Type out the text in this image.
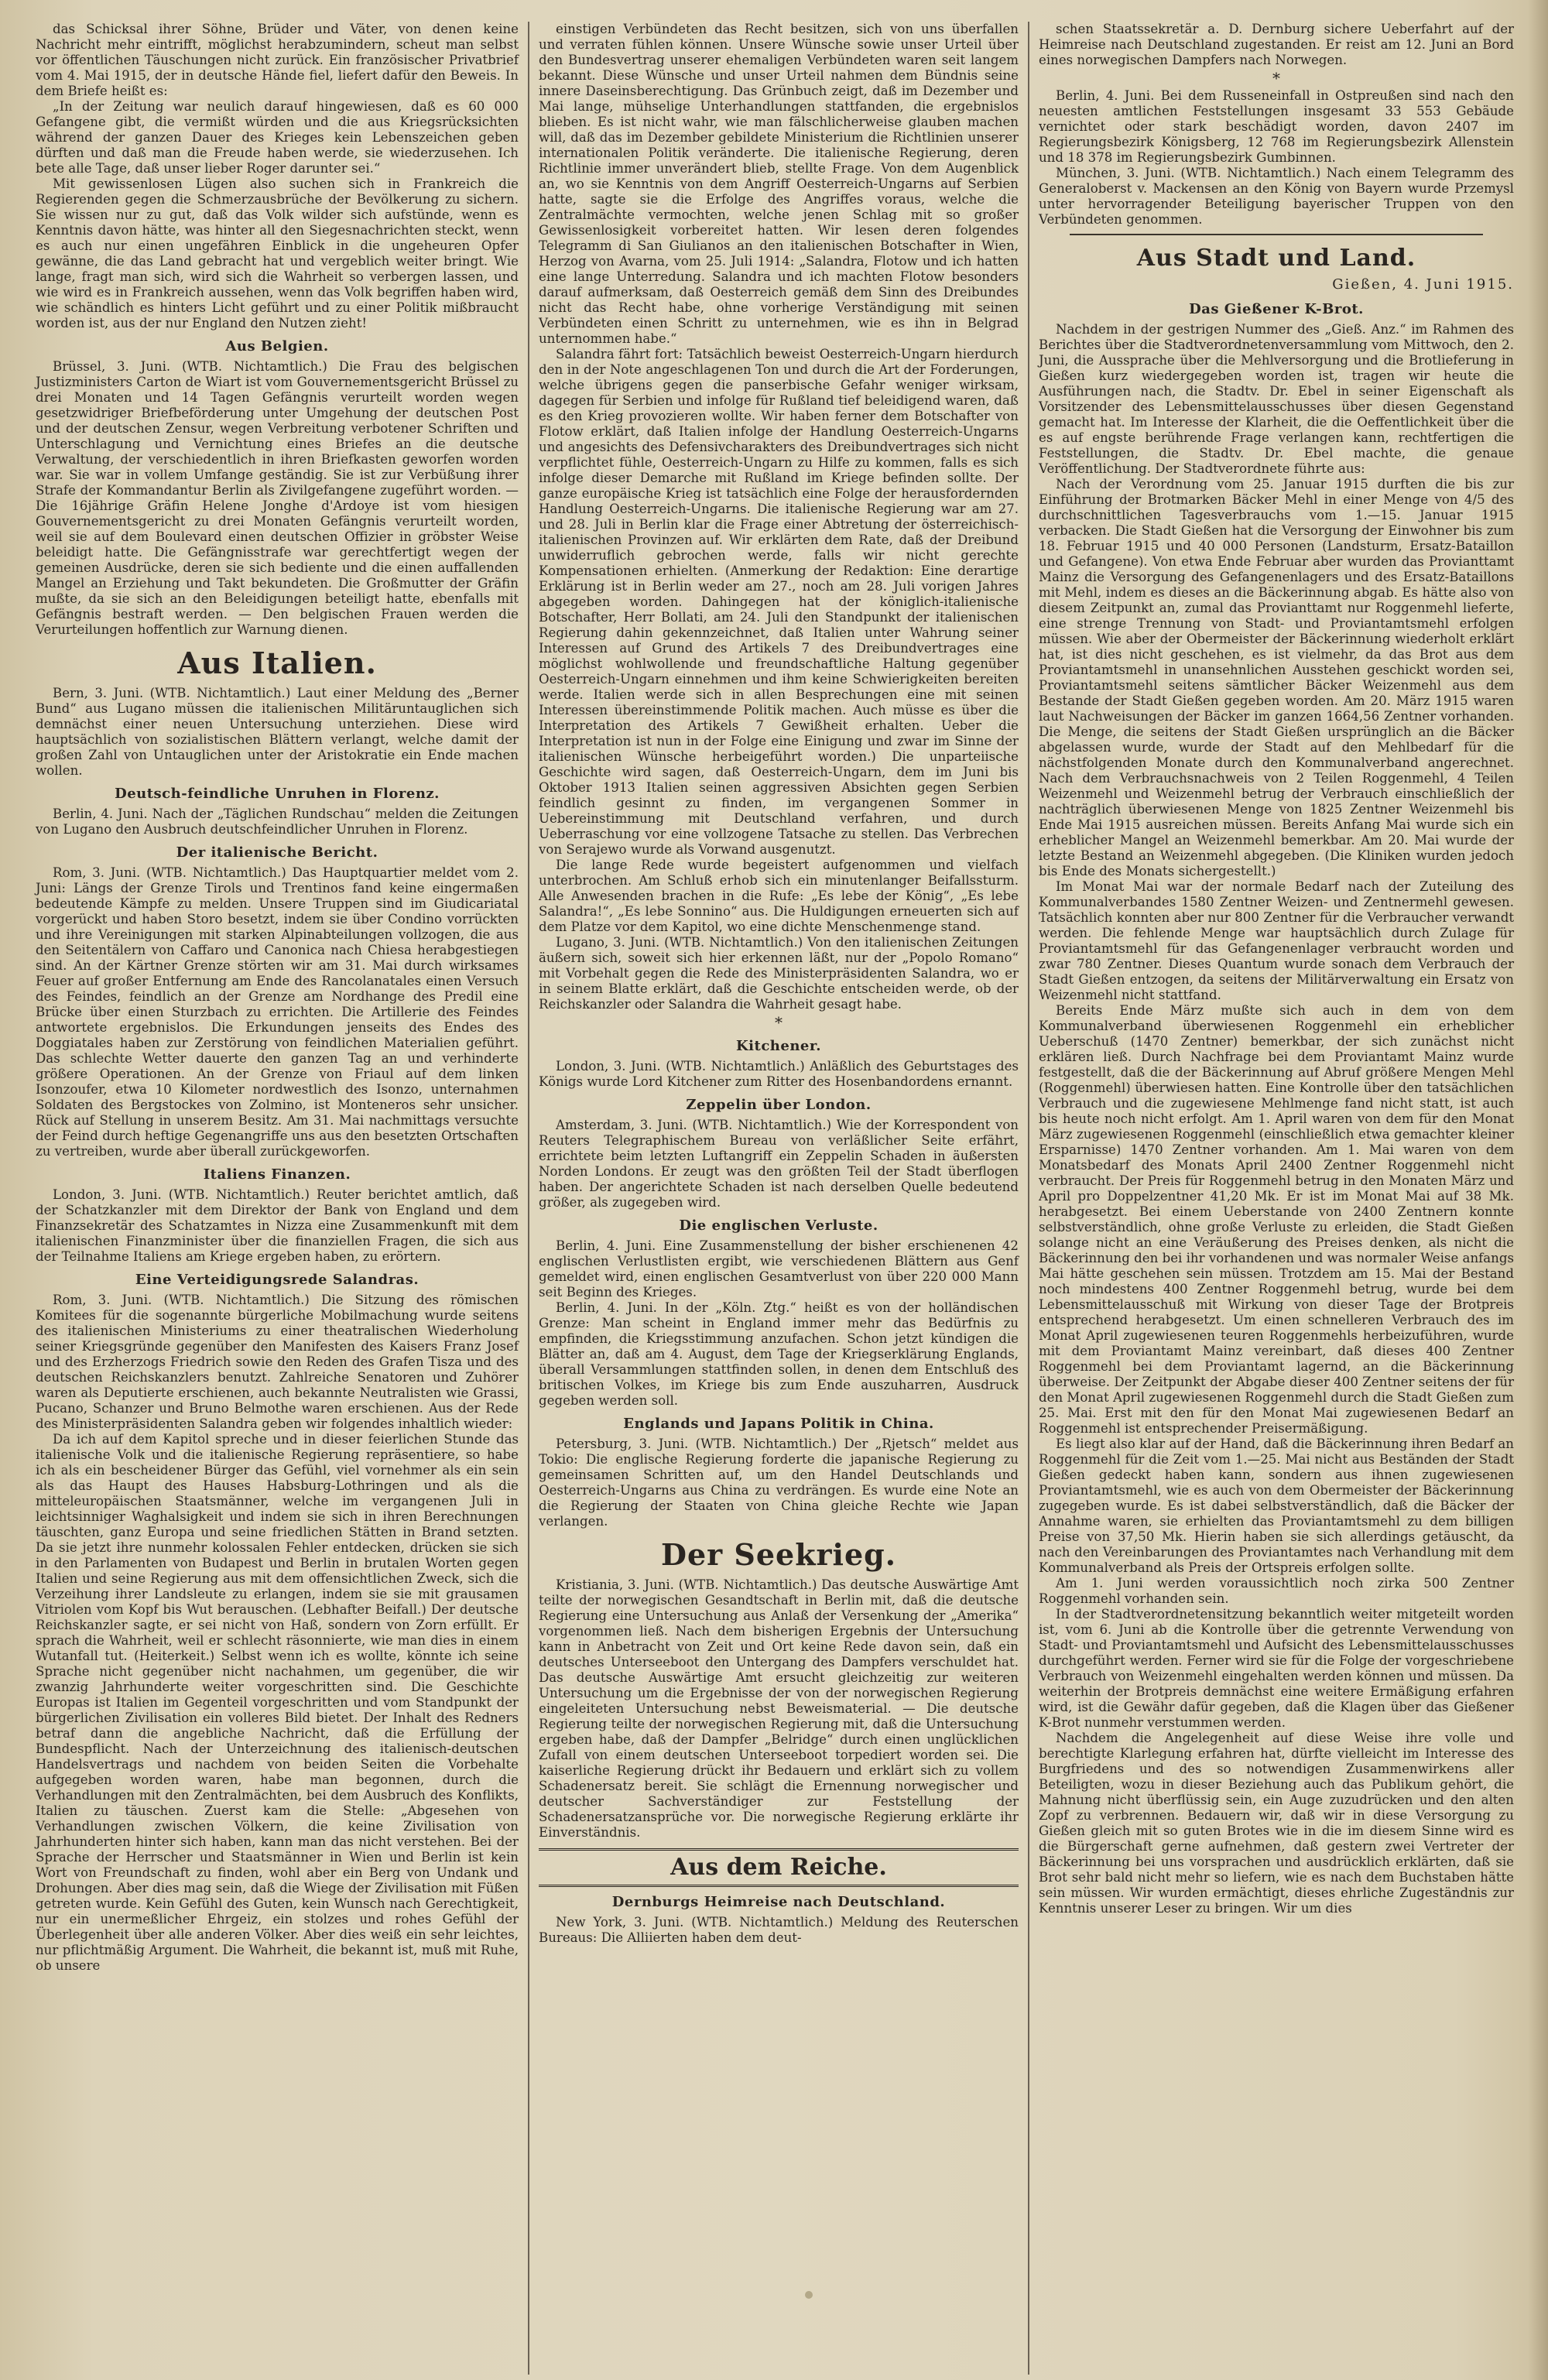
das Schicksal ihrer Söhne, Brüder und Väter, von denen keine Nachricht mehr eintrifft, möglichst herabzumindern, scheut man selbst vor öffentlichen Täuschungen nicht zurück. Ein französischer Privatbrief vom 4. Mai 1915, der in deutsche Hände fiel, liefert dafür den Beweis. In dem Briefe heißt es:

„In der Zeitung war neulich darauf hingewiesen, daß es 60 000 Gefangene gibt, die vermißt würden und die aus Kriegsrücksichten während der ganzen Dauer des Krieges kein Lebenszeichen geben dürften und daß man die Freude haben werde, sie wiederzusehen. Ich bete alle Tage, daß unser lieber Roger darunter sei.“

Mit gewissenlosen Lügen also suchen sich in Frankreich die Regierenden gegen die Schmerzausbrüche der Bevölkerung zu sichern. Sie wissen nur zu gut, daß das Volk wilder sich aufstünde, wenn es Kenntnis davon hätte, was hinter all den Siegesnachrichten steckt, wenn es auch nur einen ungefähren Einblick in die ungeheuren Opfer gewänne, die das Land gebracht hat und vergeblich weiter bringt. Wie lange, fragt man sich, wird sich die Wahrheit so verbergen lassen, und wie wird es in Frankreich aussehen, wenn das Volk begriffen haben wird, wie schändlich es hinters Licht geführt und zu einer Politik mißbraucht worden ist, aus der nur England den Nutzen zieht!

Aus Belgien.

Brüssel, 3. Juni. (WTB. Nichtamtlich.) Die Frau des belgischen Justizministers Carton de Wiart ist vom Gouvernementsgericht Brüssel zu drei Monaten und 14 Tagen Gefängnis verurteilt worden wegen gesetzwidriger Briefbeförderung unter Umgehung der deutschen Post und der deutschen Zensur, wegen Verbreitung verbotener Schriften und Unterschlagung und Vernichtung eines Briefes an die deutsche Verwaltung, der verschiedentlich in ihren Briefkasten geworfen worden war. Sie war in vollem Umfange geständig. Sie ist zur Verbüßung ihrer Strafe der Kommandantur Berlin als Zivilgefangene zugeführt worden. — Die 16jährige Gräfin Helene Jonghe d'Ardoye ist vom hiesigen Gouvernementsgericht zu drei Monaten Gefängnis verurteilt worden, weil sie auf dem Boulevard einen deutschen Offizier in gröbster Weise beleidigt hatte. Die Gefängnisstrafe war gerechtfertigt wegen der gemeinen Ausdrücke, deren sie sich bediente und die einen auffallenden Mangel an Erziehung und Takt bekundeten. Die Großmutter der Gräfin mußte, da sie sich an den Beleidigungen beteiligt hatte, ebenfalls mit Gefängnis bestraft werden. — Den belgischen Frauen werden die Verurteilungen hoffentlich zur Warnung dienen.

Aus Italien.

Bern, 3. Juni. (WTB. Nichtamtlich.) Laut einer Meldung des „Berner Bund“ aus Lugano müssen die italienischen Militäruntauglichen sich demnächst einer neuen Untersuchung unterziehen. Diese wird hauptsächlich von sozialistischen Blättern verlangt, welche damit der großen Zahl von Untauglichen unter der Aristokratie ein Ende machen wollen.

Deutsch-feindliche Unruhen in Florenz.

Berlin, 4. Juni. Nach der „Täglichen Rundschau“ melden die Zeitungen von Lugano den Ausbruch deutschfeindlicher Unruhen in Florenz.

Der italienische Bericht.

Rom, 3. Juni. (WTB. Nichtamtlich.) Das Hauptquartier meldet vom 2. Juni: Längs der Grenze Tirols und Trentinos fand keine eingermaßen bedeutende Kämpfe zu melden. Unsere Truppen sind im Giudicariatal vorgerückt und haben Storo besetzt, indem sie über Condino vorrückten und ihre Vereinigungen mit starken Alpinabteilungen vollzogen, die aus den Seitentälern von Caffaro und Canonica nach Chiesa herabgestiegen sind. An der Kärtner Grenze störten wir am 31. Mai durch wirksames Feuer auf großer Entfernung am Ende des Rancolanatales einen Versuch des Feindes, feindlich an der Grenze am Nordhange des Predil eine Brücke über einen Sturzbach zu errichten. Die Artillerie des Feindes antwortete ergebnislos. Die Erkundungen jenseits des Endes des Doggiatales haben zur Zerstörung von feindlichen Materialien geführt. Das schlechte Wetter dauerte den ganzen Tag an und verhinderte größere Operationen. An der Grenze von Friaul auf dem linken Isonzoufer, etwa 10 Kilometer nordwestlich des Isonzo, unternahmen Soldaten des Bergstockes von Zolmino, ist Monteneros sehr unsicher. Rück auf Stellung in unserem Besitz. Am 31. Mai nachmittags versuchte der Feind durch heftige Gegenangriffe uns aus den besetzten Ortschaften zu vertreiben, wurde aber überall zurückgeworfen.

Italiens Finanzen.

London, 3. Juni. (WTB. Nichtamtlich.) Reuter berichtet amtlich, daß der Schatzkanzler mit dem Direktor der Bank von England und dem Finanzsekretär des Schatzamtes in Nizza eine Zusammenkunft mit dem italienischen Finanzminister über die finanziellen Fragen, die sich aus der Teilnahme Italiens am Kriege ergeben haben, zu erörtern.

Eine Verteidigungsrede Salandras.

Rom, 3. Juni. (WTB. Nichtamtlich.) Die Sitzung des römischen Komitees für die sogenannte bürgerliche Mobilmachung wurde seitens des italienischen Ministeriums zu einer theatralischen Wiederholung seiner Kriegsgründe gegenüber den Manifesten des Kaisers Franz Josef und des Erzherzogs Friedrich sowie den Reden des Grafen Tisza und des deutschen Reichskanzlers benutzt. Zahlreiche Senatoren und Zuhörer waren als Deputierte erschienen, auch bekannte Neutralisten wie Grassi, Pucano, Schanzer und Bruno Belmothe waren erschienen. Aus der Rede des Ministerpräsidenten Salandra geben wir folgendes inhaltlich wieder:

Da ich auf dem Kapitol spreche und in dieser feierlichen Stunde das italienische Volk und die italienische Regierung repräsentiere, so habe ich als ein bescheidener Bürger das Gefühl, viel vornehmer als ein sein als das Haupt des Hauses Habsburg-Lothringen und als die mitteleuropäischen Staatsmänner, welche im vergangenen Juli in leichtsinniger Waghalsigkeit und indem sie sich in ihren Berechnungen täuschten, ganz Europa und seine friedlichen Stätten in Brand setzten. Da sie jetzt ihre nunmehr kolossalen Fehler entdecken, drücken sie sich in den Parlamenten von Budapest und Berlin in brutalen Worten gegen Italien und seine Regierung aus mit dem offensichtlichen Zweck, sich die Verzeihung ihrer Landsleute zu erlangen, indem sie sie mit grausamen Vitriolen vom Kopf bis Wut berauschen. (Lebhafter Beifall.) Der deutsche Reichskanzler sagte, er sei nicht von Haß, sondern von Zorn erfüllt. Er sprach die Wahrheit, weil er schlecht räsonnierte, wie man dies in einem Wutanfall tut. (Heiterkeit.) Selbst wenn ich es wollte, könnte ich seine Sprache nicht gegenüber nicht nachahmen, um gegenüber, die wir zwanzig Jahrhunderte weiter vorgeschritten sind. Die Geschichte Europas ist Italien im Gegenteil vorgeschritten und vom Standpunkt der bürgerlichen Zivilisation ein volleres Bild bietet. Der Inhalt des Redners betraf dann die angebliche Nachricht, daß die Erfüllung der Bundespflicht. Nach der Unterzeichnung des italienisch-deutschen Handelsvertrags und nachdem von beiden Seiten die Vorbehalte aufgegeben worden waren, habe man begonnen, durch die Verhandlungen mit den Zentralmächten, bei dem Ausbruch des Konflikts, Italien zu täuschen. Zuerst kam die Stelle: „Abgesehen von Verhandlungen zwischen Völkern, die keine Zivilisation von Jahrhunderten hinter sich haben, kann man das nicht verstehen. Bei der Sprache der Herrscher und Staatsmänner in Wien und Berlin ist kein Wort von Freundschaft zu finden, wohl aber ein Berg von Undank und Drohungen. Aber dies mag sein, daß die Wiege der Zivilisation mit Füßen getreten wurde. Kein Gefühl des Guten, kein Wunsch nach Gerechtigkeit, nur ein unermeßlicher Ehrgeiz, ein stolzes und rohes Gefühl der Überlegenheit über alle anderen Völker. Aber dies weiß ein sehr leichtes, nur pflichtmäßig Argument. Die Wahrheit, die bekannt ist, muß mit Ruhe, ob unsere

einstigen Verbündeten das Recht besitzen, sich von uns überfallen und verraten fühlen können. Unsere Wünsche sowie unser Urteil über den Bundesvertrag unserer ehemaligen Verbündeten waren seit langem bekannt. Diese Wünsche und unser Urteil nahmen dem Bündnis seine innere Daseinsberechtigung. Das Grünbuch zeigt, daß im Dezember und Mai lange, mühselige Unterhandlungen stattfanden, die ergebnislos blieben. Es ist nicht wahr, wie man fälschlicherweise glauben machen will, daß das im Dezember gebildete Ministerium die Richtlinien unserer internationalen Politik veränderte. Die italienische Regierung, deren Richtlinie immer unverändert blieb, stellte Frage. Von dem Augenblick an, wo sie Kenntnis von dem Angriff Oesterreich-Ungarns auf Serbien hatte, sagte sie die Erfolge des Angriffes voraus, welche die Zentralmächte vermochten, welche jenen Schlag mit so großer Gewissenlosigkeit vorbereitet hatten. Wir lesen deren folgendes Telegramm di San Giulianos an den italienischen Botschafter in Wien, Herzog von Avarna, vom 25. Juli 1914: „Salandra, Flotow und ich hatten eine lange Unterredung. Salandra und ich machten Flotow besonders darauf aufmerksam, daß Oesterreich gemäß dem Sinn des Dreibundes nicht das Recht habe, ohne vorherige Verständigung mit seinen Verbündeten einen Schritt zu unternehmen, wie es ihn in Belgrad unternommen habe.“

Salandra fährt fort: Tatsächlich beweist Oesterreich-Ungarn hierdurch den in der Note angeschlagenen Ton und durch die Art der Forderungen, welche übrigens gegen die panserbische Gefahr weniger wirksam, dagegen für Serbien und infolge für Rußland tief beleidigend waren, daß es den Krieg provozieren wollte. Wir haben ferner dem Botschafter von Flotow erklärt, daß Italien infolge der Handlung Oesterreich-Ungarns und angesichts des Defensivcharakters des Dreibundvertrages sich nicht verpflichtet fühle, Oesterreich-Ungarn zu Hilfe zu kommen, falls es sich infolge dieser Demarche mit Rußland im Kriege befinden sollte. Der ganze europäische Krieg ist tatsächlich eine Folge der herausfordernden Handlung Oesterreich-Ungarns. Die italienische Regierung war am 27. und 28. Juli in Berlin klar die Frage einer Abtretung der österreichisch-italienischen Provinzen auf. Wir erklärten dem Rate, daß der Dreibund unwiderruflich gebrochen werde, falls wir nicht gerechte Kompensationen erhielten. (Anmerkung der Redaktion: Eine derartige Erklärung ist in Berlin weder am 27., noch am 28. Juli vorigen Jahres abgegeben worden. Dahingegen hat der königlich-italienische Botschafter, Herr Bollati, am 24. Juli den Standpunkt der italienischen Regierung dahin gekennzeichnet, daß Italien unter Wahrung seiner Interessen auf Grund des Artikels 7 des Dreibundvertrages eine möglichst wohlwollende und freundschaftliche Haltung gegenüber Oesterreich-Ungarn einnehmen und ihm keine Schwierigkeiten bereiten werde. Italien werde sich in allen Besprechungen eine mit seinen Interessen übereinstimmende Politik machen. Auch müsse es über die Interpretation des Artikels 7 Gewißheit erhalten. Ueber die Interpretation ist nun in der Folge eine Einigung und zwar im Sinne der italienischen Wünsche herbeigeführt worden.) Die unparteiische Geschichte wird sagen, daß Oesterreich-Ungarn, dem im Juni bis Oktober 1913 Italien seinen aggressiven Absichten gegen Serbien feindlich gesinnt zu finden, im vergangenen Sommer in Uebereinstimmung mit Deutschland verfahren, und durch Ueberraschung vor eine vollzogene Tatsache zu stellen. Das Verbrechen von Serajewo wurde als Vorwand ausgenutzt.

Die lange Rede wurde begeistert aufgenommen und vielfach unterbrochen. Am Schluß erhob sich ein minutenlanger Beifallssturm. Alle Anwesenden brachen in die Rufe: „Es lebe der König“, „Es lebe Salandra!“, „Es lebe Sonnino“ aus. Die Huldigungen erneuerten sich auf dem Platze vor dem Kapitol, wo eine dichte Menschenmenge stand.

Lugano, 3. Juni. (WTB. Nichtamtlich.) Von den italienischen Zeitungen äußern sich, soweit sich hier erkennen läßt, nur der „Popolo Romano“ mit Vorbehalt gegen die Rede des Ministerpräsidenten Salandra, wo er in seinem Blatte erklärt, daß die Geschichte entscheiden werde, ob der Reichskanzler oder Salandra die Wahrheit gesagt habe.

*
Kitchener.

London, 3. Juni. (WTB. Nichtamtlich.) Anläßlich des Geburtstages des Königs wurde Lord Kitchener zum Ritter des Hosenbandordens ernannt.

Zeppelin über London.

Amsterdam, 3. Juni. (WTB. Nichtamtlich.) Wie der Korrespondent von Reuters Telegraphischem Bureau von verläßlicher Seite erfährt, errichtete beim letzten Luftangriff ein Zeppelin Schaden in äußersten Norden Londons. Er zeugt was den größten Teil der Stadt überflogen haben. Der angerichtete Schaden ist nach derselben Quelle bedeutend größer, als zugegeben wird.

Die englischen Verluste.

Berlin, 4. Juni. Eine Zusammenstellung der bisher erschienenen 42 englischen Verlustlisten ergibt, wie verschiedenen Blättern aus Genf gemeldet wird, einen englischen Gesamtverlust von über 220 000 Mann seit Beginn des Krieges.

Berlin, 4. Juni. In der „Köln. Ztg.“ heißt es von der holländischen Grenze: Man scheint in England immer mehr das Bedürfnis zu empfinden, die Kriegsstimmung anzufachen. Schon jetzt kündigen die Blätter an, daß am 4. August, dem Tage der Kriegserklärung Englands, überall Versammlungen stattfinden sollen, in denen dem Entschluß des britischen Volkes, im Kriege bis zum Ende auszuharren, Ausdruck gegeben werden soll.

Englands und Japans Politik in China.

Petersburg, 3. Juni. (WTB. Nichtamtlich.) Der „Rjetsch“ meldet aus Tokio: Die englische Regierung forderte die japanische Regierung zu gemeinsamen Schritten auf, um den Handel Deutschlands und Oesterreich-Ungarns aus China zu verdrängen. Es wurde eine Note an die Regierung der Staaten von China gleiche Rechte wie Japan verlangen.

Der Seekrieg.

Kristiania, 3. Juni. (WTB. Nichtamtlich.) Das deutsche Auswärtige Amt teilte der norwegischen Gesandtschaft in Berlin mit, daß die deutsche Regierung eine Untersuchung aus Anlaß der Versenkung der „Amerika“ vorgenommen ließ. Nach dem bisherigen Ergebnis der Untersuchung kann in Anbetracht von Zeit und Ort keine Rede davon sein, daß ein deutsches Unterseeboot den Untergang des Dampfers verschuldet hat. Das deutsche Auswärtige Amt ersucht gleichzeitig zur weiteren Untersuchung um die Ergebnisse der von der norwegischen Regierung eingeleiteten Untersuchung nebst Beweismaterial. — Die deutsche Regierung teilte der norwegischen Regierung mit, daß die Untersuchung ergeben habe, daß der Dampfer „Belridge“ durch einen unglücklichen Zufall von einem deutschen Unterseeboot torpediert worden sei. Die kaiserliche Regierung drückt ihr Bedauern und erklärt sich zu vollem Schadenersatz bereit. Sie schlägt die Ernennung norwegischer und deutscher Sachverständiger zur Feststellung der Schadenersatzansprüche vor. Die norwegische Regierung erklärte ihr Einverständnis.

Aus dem Reiche.
Dernburgs Heimreise nach Deutschland.

New York, 3. Juni. (WTB. Nichtamtlich.) Meldung des Reuterschen Bureaus: Die Alliierten haben dem deut-

schen Staatssekretär a. D. Dernburg sichere Ueberfahrt auf der Heimreise nach Deutschland zugestanden. Er reist am 12. Juni an Bord eines norwegischen Dampfers nach Norwegen.

*

Berlin, 4. Juni. Bei dem Russeneinfall in Ostpreußen sind nach den neuesten amtlichen Feststellungen insgesamt 33 553 Gebäude vernichtet oder stark beschädigt worden, davon 2407 im Regierungsbezirk Königsberg, 12 768 im Regierungsbezirk Allenstein und 18 378 im Regierungsbezirk Gumbinnen.

München, 3. Juni. (WTB. Nichtamtlich.) Nach einem Telegramm des Generaloberst v. Mackensen an den König von Bayern wurde Przemysl unter hervorragender Beteiligung bayerischer Truppen von den Verbündeten genommen.

Aus Stadt und Land.
Gießen, 4. Juni 1915.
Das Gießener K-Brot.

Nachdem in der gestrigen Nummer des „Gieß. Anz.“ im Rahmen des Berichtes über die Stadtverordnetenversammlung vom Mittwoch, den 2. Juni, die Aussprache über die Mehlversorgung und die Brotlieferung in Gießen kurz wiedergegeben worden ist, tragen wir heute die Ausführungen nach, die Stadtv. Dr. Ebel in seiner Eigenschaft als Vorsitzender des Lebensmittelausschusses über diesen Gegenstand gemacht hat. Im Interesse der Klarheit, die die Oeffentlichkeit über die es auf engste berührende Frage verlangen kann, rechtfertigen die Feststellungen, die Stadtv. Dr. Ebel machte, die genaue Veröffentlichung. Der Stadtverordnete führte aus:

Nach der Verordnung vom 25. Januar 1915 durften die bis zur Einführung der Brotmarken Bäcker Mehl in einer Menge von 4/5 des durchschnittlichen Tagesverbrauchs vom 1.—15. Januar 1915 verbacken. Die Stadt Gießen hat die Versorgung der Einwohner bis zum 18. Februar 1915 und 40 000 Personen (Landsturm, Ersatz-Bataillon und Gefangene). Von etwa Ende Februar aber wurden das Provianttamt Mainz die Versorgung des Gefangenenlagers und des Ersatz-Bataillons mit Mehl, indem es dieses an die Bäckerinnung abgab. Es hätte also von diesem Zeitpunkt an, zumal das Provianttamt nur Roggenmehl lieferte, eine strenge Trennung von Stadt- und Proviantamtsmehl erfolgen müssen. Wie aber der Obermeister der Bäckerinnung wiederholt erklärt hat, ist dies nicht geschehen, es ist vielmehr, da das Brot aus dem Proviantamtsmehl in unansehnlichen Ausstehen geschickt worden sei, Proviantamtsmehl seitens sämtlicher Bäcker Weizenmehl aus dem Bestande der Stadt Gießen gegeben worden. Am 20. März 1915 waren laut Nachweisungen der Bäcker im ganzen 1664,56 Zentner vorhanden. Die Menge, die seitens der Stadt Gießen ursprünglich an die Bäcker abgelassen wurde, wurde der Stadt auf den Mehlbedarf für die nächstfolgenden Monate durch den Kommunalverband angerechnet. Nach dem Verbrauchsnachweis von 2 Teilen Roggenmehl, 4 Teilen Weizenmehl und Weizenmehl betrug der Verbrauch einschließlich der nachträglich überwiesenen Menge von 1825 Zentner Weizenmehl bis Ende Mai 1915 ausreichen müssen. Bereits Anfang Mai wurde sich ein erheblicher Mangel an Weizenmehl bemerkbar. Am 20. Mai wurde der letzte Bestand an Weizenmehl abgegeben. (Die Kliniken wurden jedoch bis Ende des Monats sichergestellt.)

Im Monat Mai war der normale Bedarf nach der Zuteilung des Kommunalverbandes 1580 Zentner Weizen- und Zentnermehl gewesen. Tatsächlich konnten aber nur 800 Zentner für die Verbraucher verwandt werden. Die fehlende Menge war hauptsächlich durch Zulage für Proviantamtsmehl für das Gefangenenlager verbraucht worden und zwar 780 Zentner. Dieses Quantum wurde sonach dem Verbrauch der Stadt Gießen entzogen, da seitens der Militärverwaltung ein Ersatz von Weizenmehl nicht stattfand.

Bereits Ende März mußte sich auch in dem von dem Kommunalverband überwiesenen Roggenmehl ein erheblicher Ueberschuß (1470 Zentner) bemerkbar, der sich zunächst nicht erklären ließ. Durch Nachfrage bei dem Proviantamt Mainz wurde festgestellt, daß die der Bäckerinnung auf Abruf größere Mengen Mehl (Roggenmehl) überwiesen hatten. Eine Kontrolle über den tatsächlichen Verbrauch und die zugewiesene Mehlmenge fand nicht statt, ist auch bis heute noch nicht erfolgt. Am 1. April waren von dem für den Monat März zugewiesenen Roggenmehl (einschließlich etwa gemachter kleiner Ersparnisse) 1470 Zentner vorhanden. Am 1. Mai waren von dem Monatsbedarf des Monats April 2400 Zentner Roggenmehl nicht verbraucht. Der Preis für Roggenmehl betrug in den Monaten März und April pro Doppelzentner 41,20 Mk. Er ist im Monat Mai auf 38 Mk. herabgesetzt. Bei einem Ueberstande von 2400 Zentnern konnte selbstverständlich, ohne große Verluste zu erleiden, die Stadt Gießen solange nicht an eine Veräußerung des Preises denken, als nicht die Bäckerinnung den bei ihr vorhandenen und was normaler Weise anfangs Mai hätte geschehen sein müssen. Trotzdem am 15. Mai der Bestand noch mindestens 400 Zentner Roggenmehl betrug, wurde bei dem Lebensmittelausschuß mit Wirkung von dieser Tage der Brotpreis entsprechend herabgesetzt. Um einen schnelleren Verbrauch des im Monat April zugewiesenen teuren Roggenmehls herbeizuführen, wurde mit dem Proviantamt Mainz vereinbart, daß dieses 400 Zentner Roggenmehl bei dem Proviantamt lagernd, an die Bäckerinnung überweise. Der Zeitpunkt der Abgabe dieser 400 Zentner seitens der für den Monat April zugewiesenen Roggenmehl durch die Stadt Gießen zum 25. Mai. Erst mit den für den Monat Mai zugewiesenen Bedarf an Roggenmehl ist entsprechender Preisermäßigung.

Es liegt also klar auf der Hand, daß die Bäckerinnung ihren Bedarf an Roggenmehl für die Zeit vom 1.—25. Mai nicht aus Beständen der Stadt Gießen gedeckt haben kann, sondern aus ihnen zugewiesenen Proviantamtsmehl, wie es auch von dem Obermeister der Bäckerinnung zugegeben wurde. Es ist dabei selbstverständlich, daß die Bäcker der Annahme waren, sie erhielten das Proviantamtsmehl zu dem billigen Preise von 37,50 Mk. Hierin haben sie sich allerdings getäuscht, da nach den Vereinbarungen des Proviantamtes nach Verhandlung mit dem Kommunalverband als Preis der Ortspreis erfolgen sollte.

Am 1. Juni werden voraussichtlich noch zirka 500 Zentner Roggenmehl vorhanden sein.

In der Stadtverordnetensitzung bekanntlich weiter mitgeteilt worden ist, vom 6. Juni ab die Kontrolle über die getrennte Verwendung von Stadt- und Proviantamtsmehl und Aufsicht des Lebensmittelausschusses durchgeführt werden. Ferner wird sie für die Folge der vorgeschriebene Verbrauch von Weizenmehl eingehalten werden können und müssen. Da weiterhin der Brotpreis demnächst eine weitere Ermäßigung erfahren wird, ist die Gewähr dafür gegeben, daß die Klagen über das Gießener K-Brot nunmehr verstummen werden.

Nachdem die Angelegenheit auf diese Weise ihre volle und berechtigte Klarlegung erfahren hat, dürfte vielleicht im Interesse des Burgfriedens und des so notwendigen Zusammenwirkens aller Beteiligten, wozu in dieser Beziehung auch das Publikum gehört, die Mahnung nicht überflüssig sein, ein Auge zuzudrücken und den alten Zopf zu verbrennen. Bedauern wir, daß wir in diese Versorgung zu Gießen gleich mit so guten Brotes wie in die im diesem Sinne wird es die Bürgerschaft gerne aufnehmen, daß gestern zwei Vertreter der Bäckerinnung bei uns vorsprachen und ausdrücklich erklärten, daß sie Brot sehr bald nicht mehr so liefern, wie es nach dem Buchstaben hätte sein müssen. Wir wurden ermächtigt, dieses ehrliche Zugeständnis zur Kenntnis unserer Leser zu bringen. Wir um dies
